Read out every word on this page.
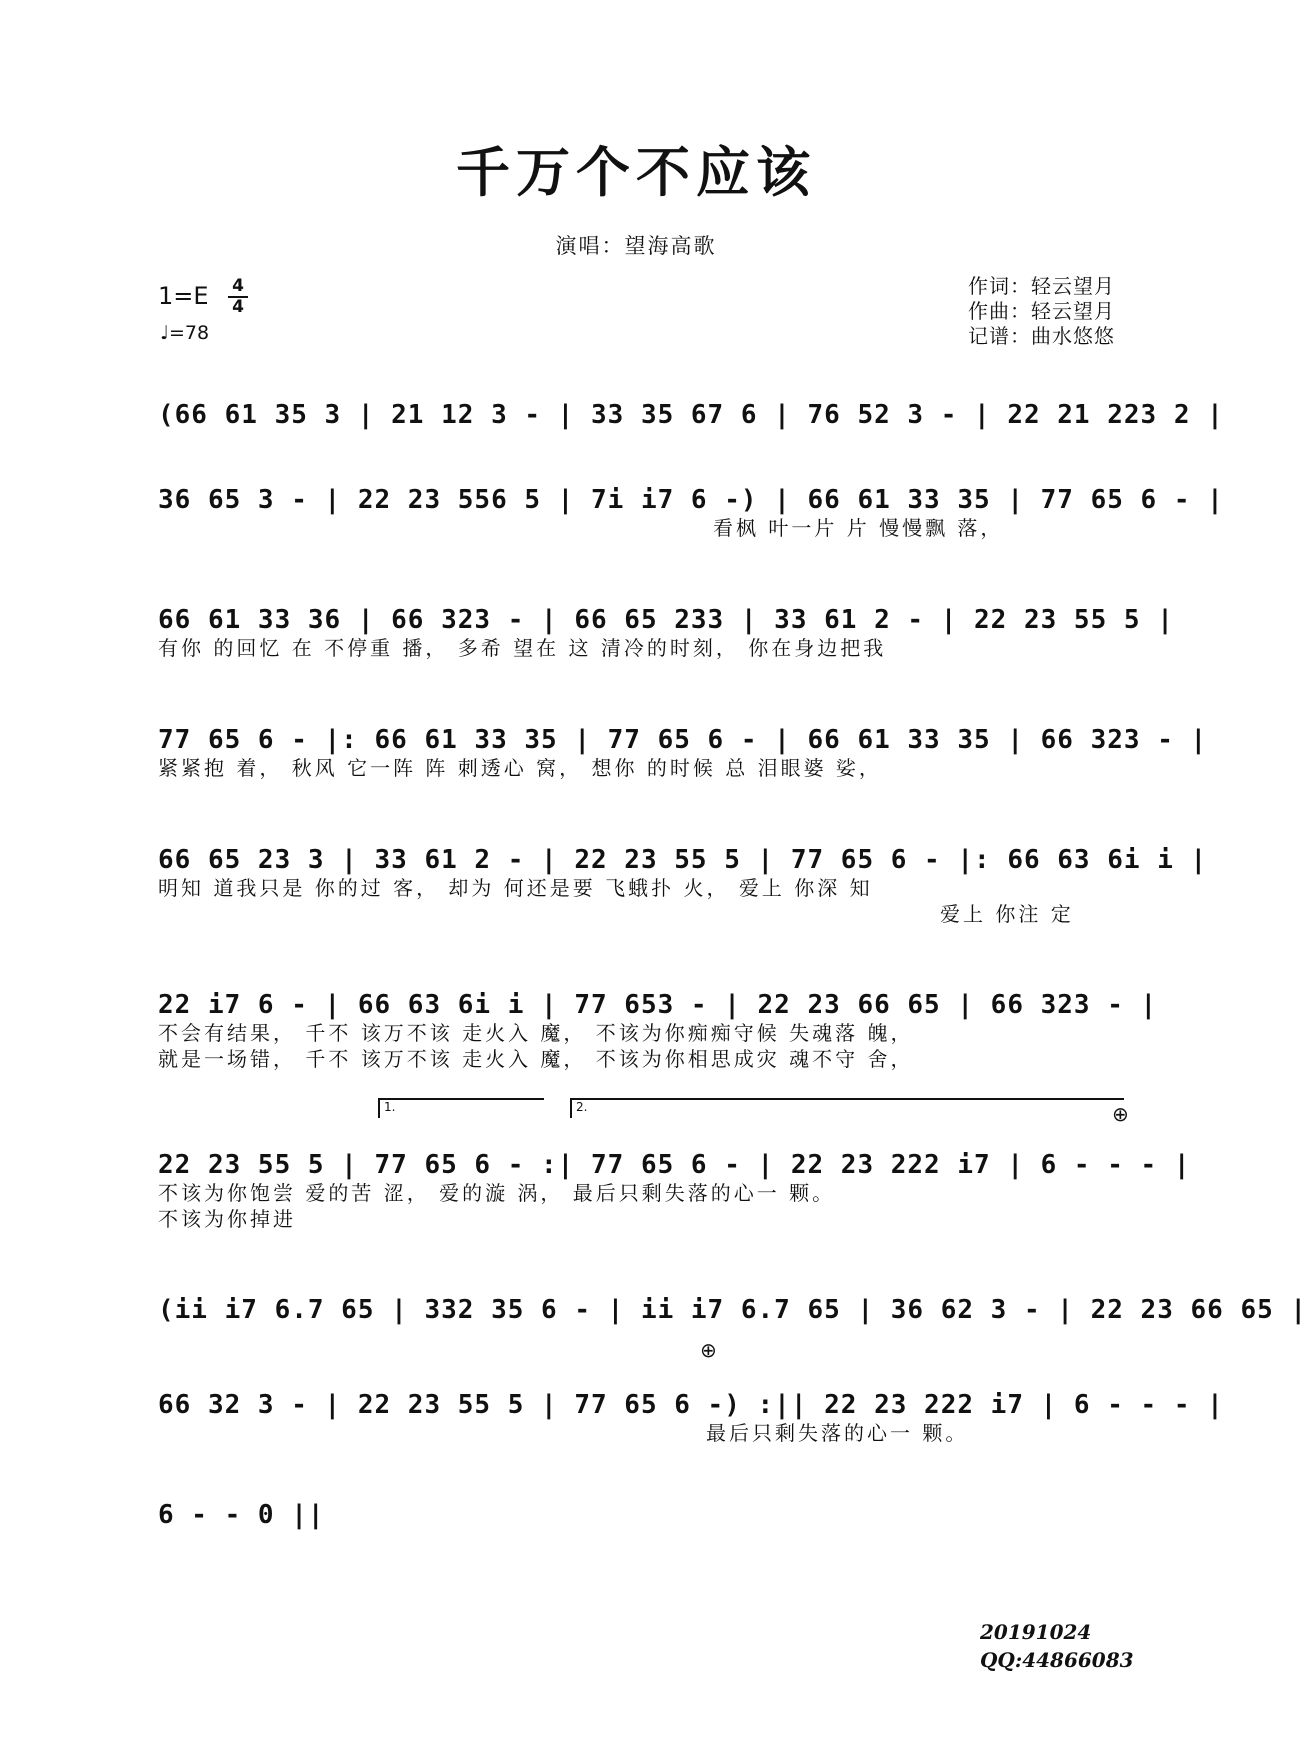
千万个不应该
演唱：望海高歌
1=E 4
4
♩=78
作词：轻云望月
作曲：轻云望月
记谱：曲水悠悠
(66 61 35 3 | 21 12 3 - | 33 35 67 6 | 76 52 3 - | 22 21 223 2 |
36 65 3 - | 22 23 556 5 | 7i i7 6 -) | 66 61 33 35 | 77 65 6 - |
看枫 叶一片 片 慢慢飘 落，
66 61 33 36 | 66 323 - | 66 65 233 | 33 61 2 - | 22 23 55 5 |
有你 的回忆 在 不停重 播， 多希 望在 这 清冷的时刻， 你在身边把我
77 65 6 - |: 66 61 33 35 | 77 65 6 - | 66 61 33 35 | 66 323 - |
紧紧抱 着， 秋风 它一阵 阵 刺透心 窝， 想你 的时候 总 泪眼婆 娑，
66 65 23 3 | 33 61 2 - | 22 23 55 5 | 77 65 6 - |: 66 63 6i i |
明知 道我只是 你的过 客， 却为 何还是要 飞蛾扑 火， 爱上 你深 知
爱上 你注 定
22 i7 6 - | 66 63 6i i | 77 653 - | 22 23 66 65 | 66 323 - |
不会有结果， 千不 该万不该 走火入 魔， 不该为你痴痴守候 失魂落 魄，
就是一场错， 千不 该万不该 走火入 魔， 不该为你相思成灾 魂不守 舍，
1.	2.	⊕
22 23 55 5 | 77 65 6 - :| 77 65 6 - | 22 23 222 i7 | 6 - - - |
不该为你饱尝 爱的苦 涩， 爱的漩 涡， 最后只剩失落的心一 颗。
不该为你掉进
(ii i7 6.7 65 | 332 35 6 - | ii i7 6.7 65 | 36 62 3 - | 22 23 66 65 |
⊕
66 32 3 - | 22 23 55 5 | 77 65 6 -) :|| 22 23 222 i7 | 6 - - - |
最后只剩失落的心一 颗。
6 - - 0 ||
20191024
QQ:44866083
